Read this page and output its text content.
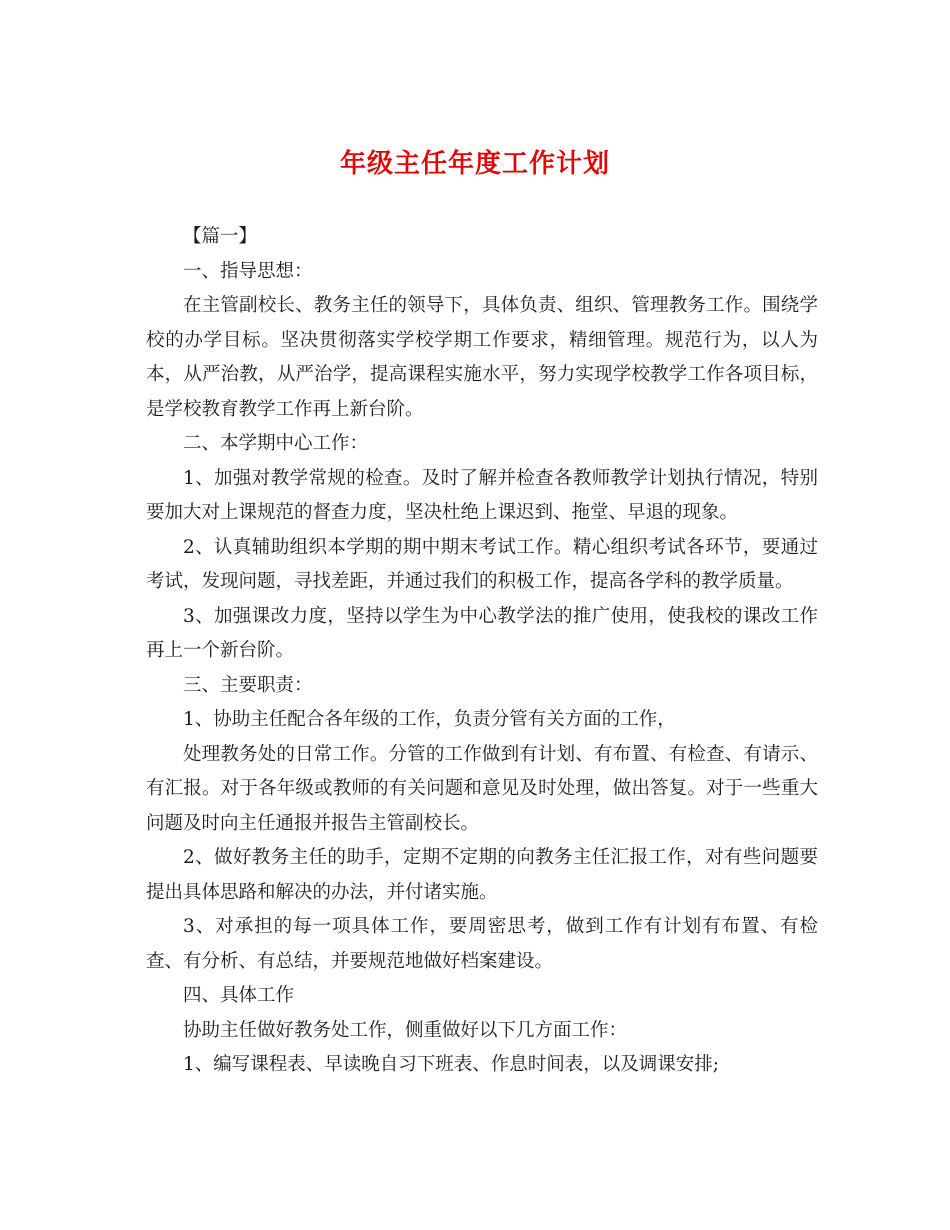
年级主任年度工作计划

【篇一】

一、指导思想：

在主管副校长、教务主任的领导下，具体负责、组织、管理教务工作。围绕学校的办学目标。坚决贯彻落实学校学期工作要求，精细管理。规范行为，以人为本，从严治教，从严治学，提高课程实施水平，努力实现学校教学工作各项目标，是学校教育教学工作再上新台阶。

二、本学期中心工作：

1、加强对教学常规的检查。及时了解并检查各教师教学计划执行情况，特别要加大对上课规范的督查力度，坚决杜绝上课迟到、拖堂、早退的现象。

2、认真辅助组织本学期的期中期末考试工作。精心组织考试各环节，要通过考试，发现问题，寻找差距，并通过我们的积极工作，提高各学科的教学质量。

3、加强课改力度，坚持以学生为中心教学法的推广使用，使我校的课改工作再上一个新台阶。

三、主要职责：

1、协助主任配合各年级的工作，负责分管有关方面的工作，

处理教务处的日常工作。分管的工作做到有计划、有布置、有检查、有请示、有汇报。对于各年级或教师的有关问题和意见及时处理，做出答复。对于一些重大问题及时向主任通报并报告主管副校长。

2、做好教务主任的助手，定期不定期的向教务主任汇报工作，对有些问题要提出具体思路和解决的办法，并付诸实施。

3、对承担的每一项具体工作，要周密思考，做到工作有计划有布置、有检查、有分析、有总结，并要规范地做好档案建设。

四、具体工作

协助主任做好教务处工作，侧重做好以下几方面工作：

1、编写课程表、早读晚自习下班表、作息时间表，以及调课安排;
